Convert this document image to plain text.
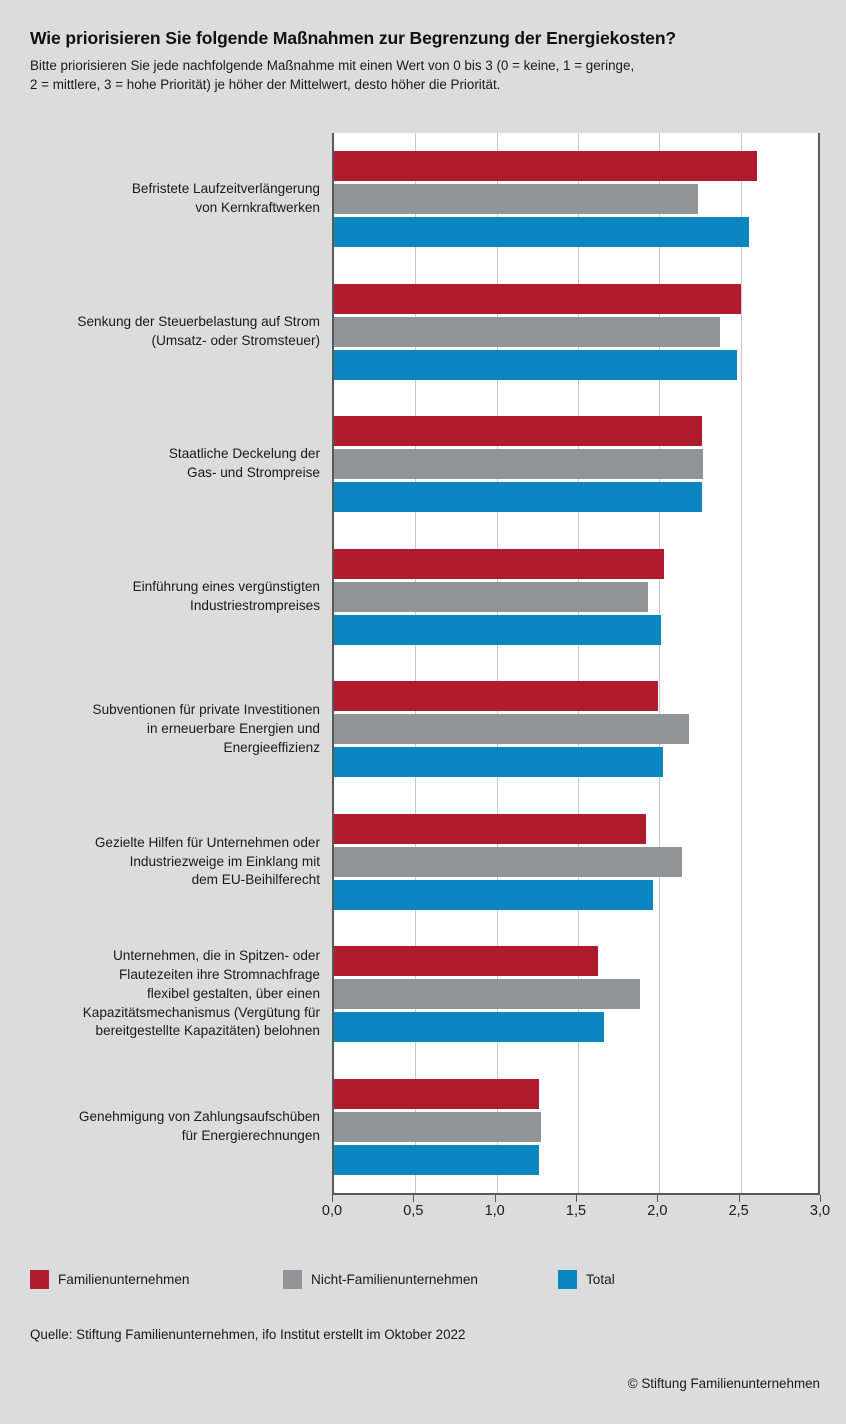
Wie priorisieren Sie folgende Maßnahmen zur Begrenzung der Energiekosten?

Bitte priorisieren Sie jede nachfolgende Maßnahme mit einen Wert von 0 bis 3 (0 = keine, 1 = geringe,

2 = mittlere, 3 = hohe Priorität) je höher der Mittelwert, desto höher die Priorität.

Befristete Laufzeitverlängerung
von Kernkraftwerken
Senkung der Steuerbelastung auf Strom
(Umsatz- oder Stromsteuer)
Staatliche Deckelung der
Gas- und Strompreise
Einführung eines vergünstigten
Industriestrompreises
Subventionen für private Investitionen
in erneuerbare Energien und
Energieeffizienz
Gezielte Hilfen für Unternehmen oder
Industriezweige im Einklang mit
dem EU-Beihilferecht
Unternehmen, die in Spitzen- oder
Flautezeiten ihre Stromnachfrage
flexibel gestalten, über einen
Kapazitätsmechanismus (Vergütung für
bereitgestellte Kapazitäten) belohnen
Genehmigung von Zahlungsaufschüben
für Energierechnungen
0,0	0,5	1,0	1,5	2,0	2,5	3,0
Familienunternehmen	Nicht-Familienunternehmen	Total
Quelle: Stiftung Familienunternehmen, ifo Institut erstellt im Oktober 2022
© Stiftung Familienunternehmen
